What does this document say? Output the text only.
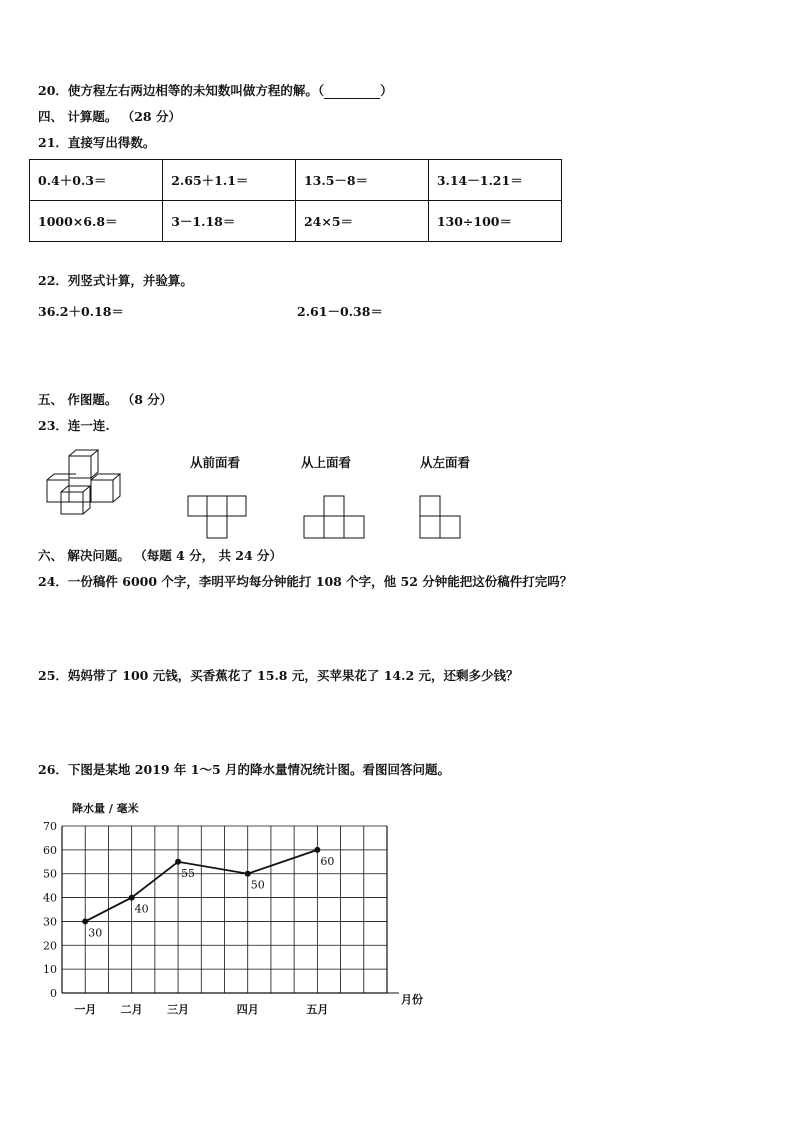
20．使方程左右两边相等的未知数叫做方程的解。（	）
四、 计算题。 （28 分）
21．直接写出得数。
0.4＋0.3＝	2.65＋1.1＝	13.5－8＝	3.14－1.21＝
1000×6.8＝	3－1.18＝	24×5＝	130÷100＝
22．列竖式计算，并验算。
36.2＋0.18＝	2.61－0.38＝
五、 作图题。 （8 分）
23．连一连.
从前面看	从上面看	从左面看
六、 解决问题。 （每题 4 分， 共 24 分）
24．一份稿件 6000 个字，李明平均每分钟能打 108 个字，他 52 分钟能把这份稿件打完吗？
25．妈妈带了 100 元钱，买香蕉花了 15.8 元，买苹果花了 14.2 元，还剩多少钱？
26．下图是某地 2019 年 1～5 月的降水量情况统计图。看图回答问题。
0
10
20
30
40
50
60
70
降水量 / 毫米
月份
一月 二月 三月	四月	五月
30
40
55
50
60
